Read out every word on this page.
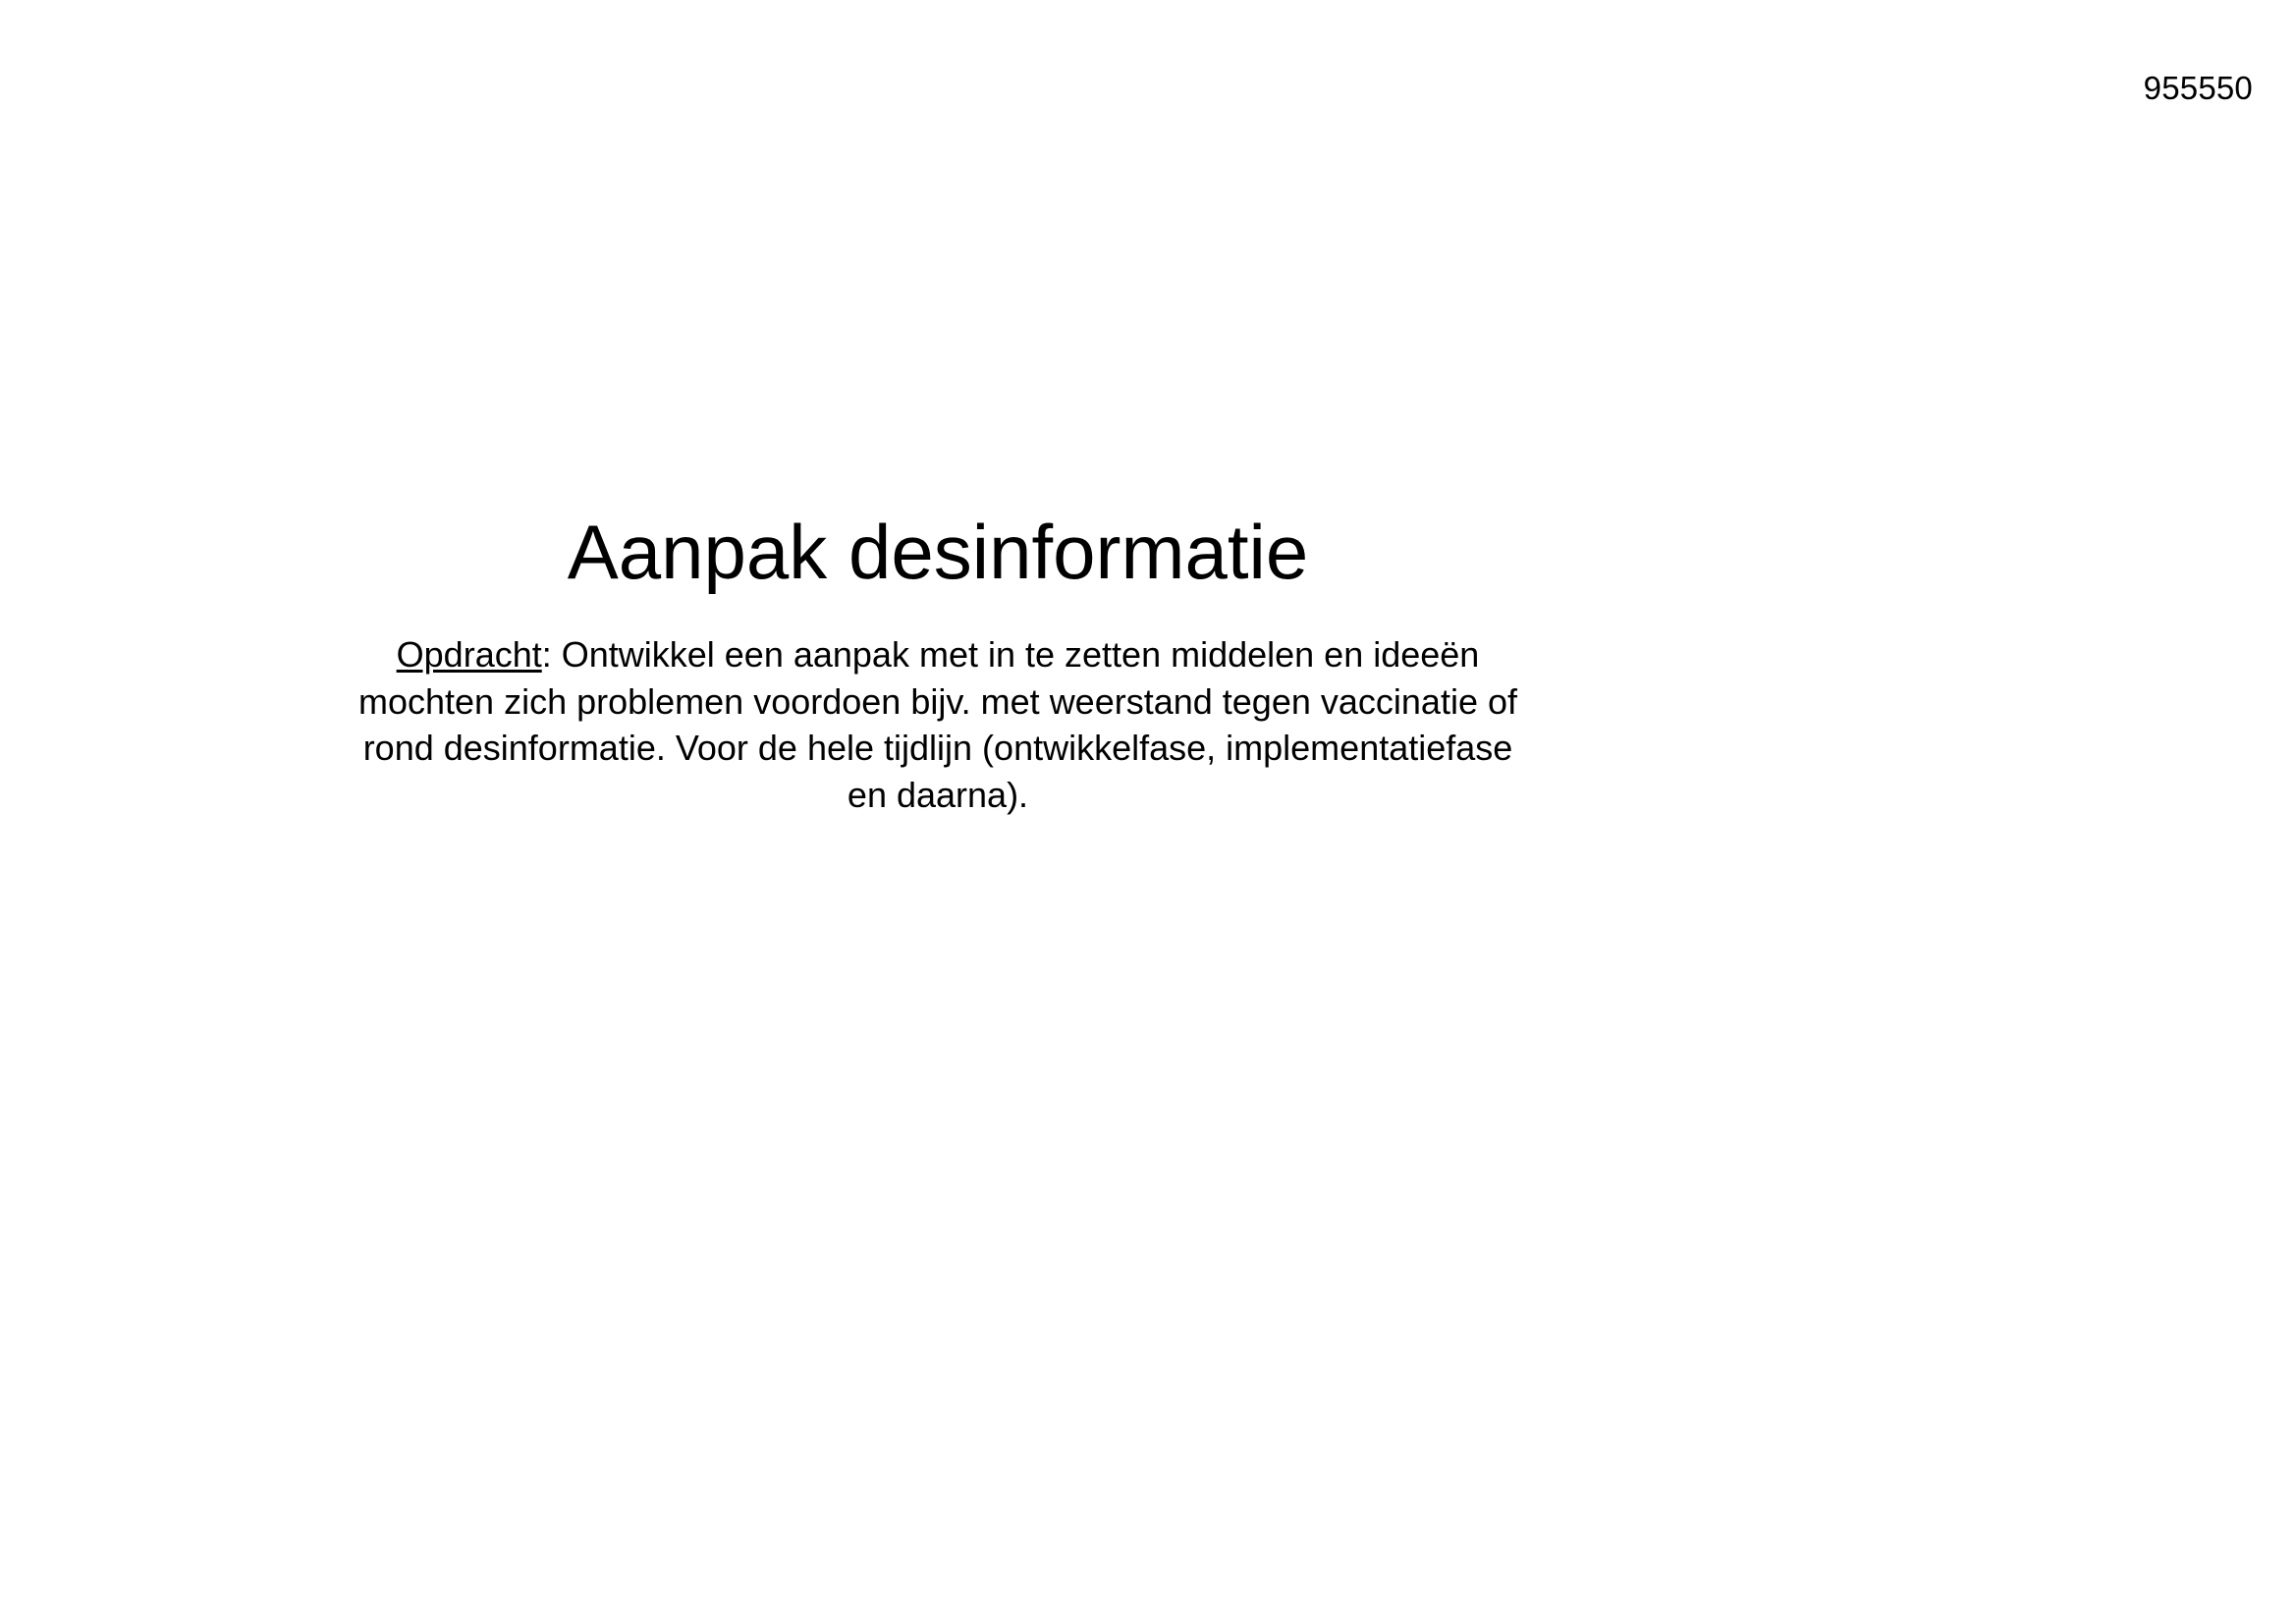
955550
Aanpak desinformatie

Opdracht: Ontwikkel een aanpak met in te zetten middelen en ideeën mochten zich problemen voordoen bijv. met weerstand tegen vaccinatie of rond desinformatie. Voor de hele tijdlijn (ontwikkelfase, implementatiefase en daarna).
